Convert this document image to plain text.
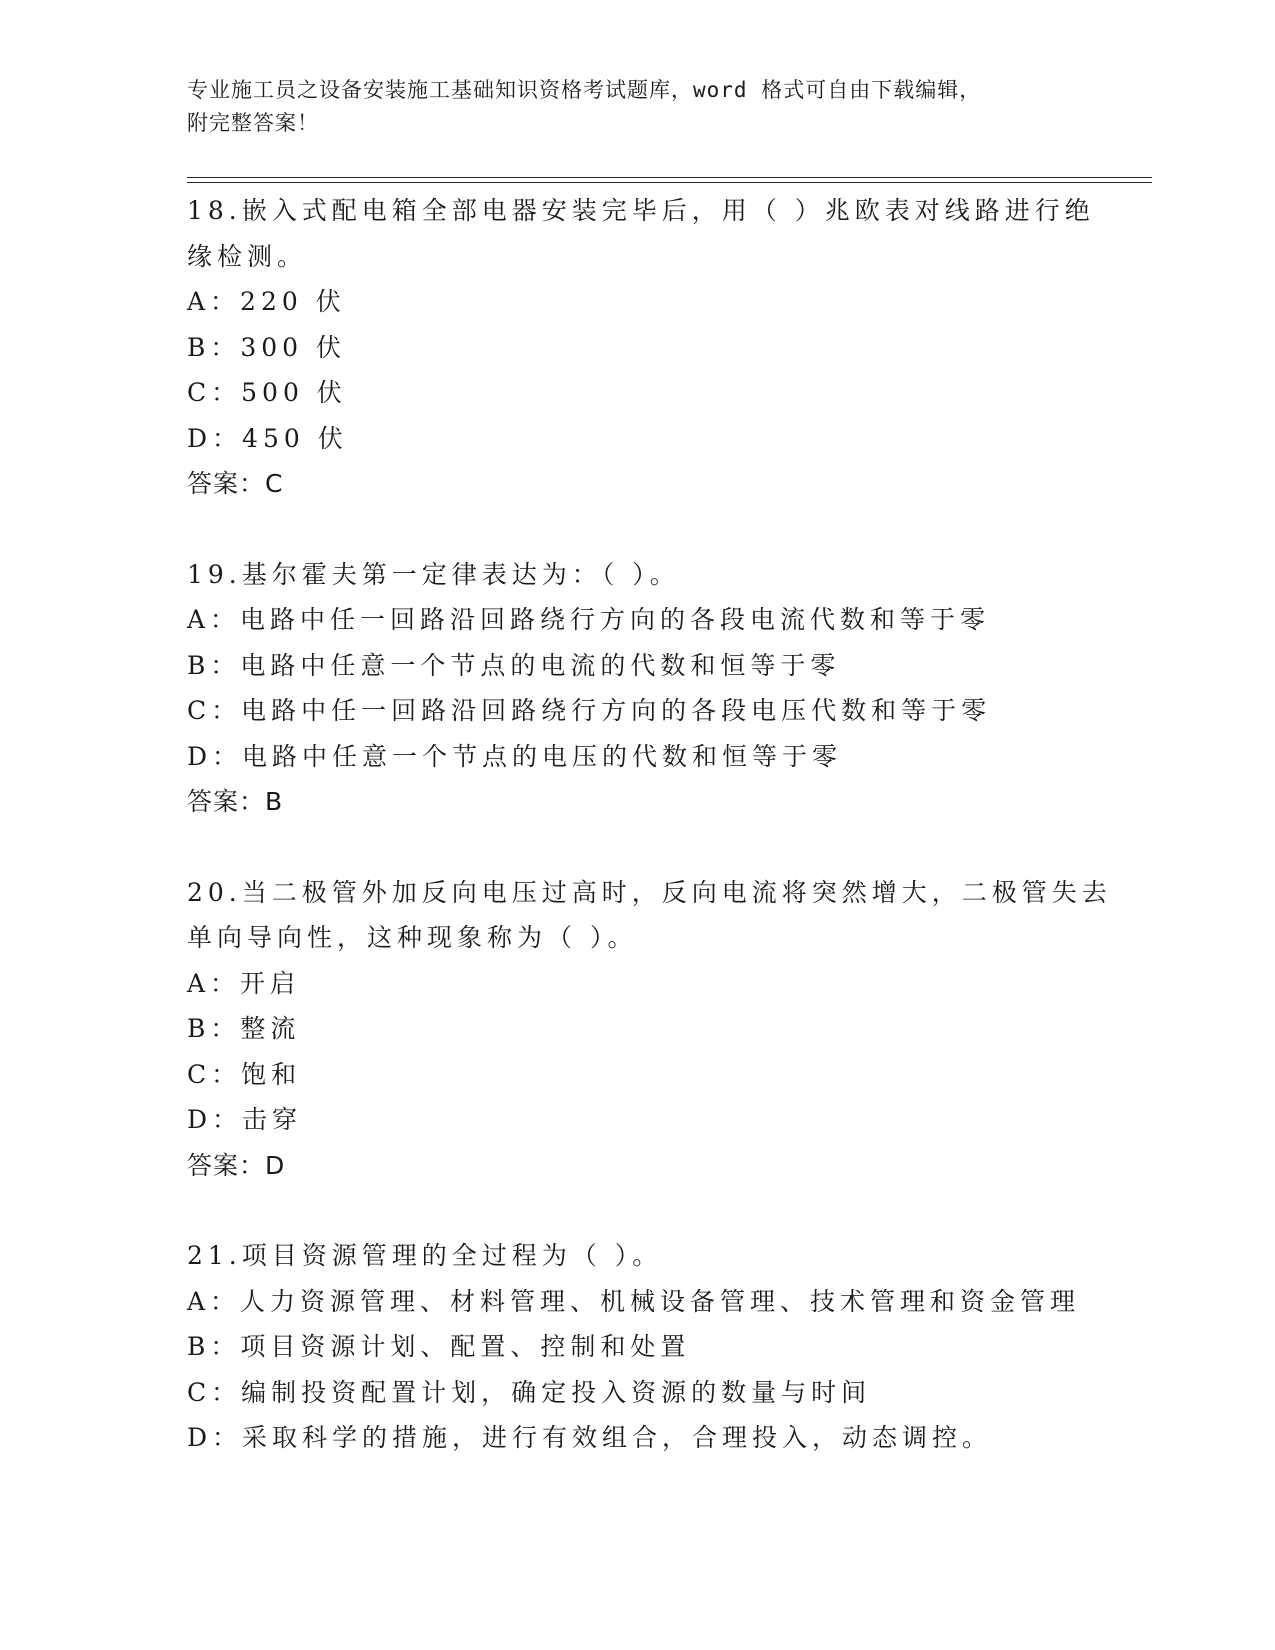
专业施工员之设备安装施工基础知识资格考试题库，word 格式可自由下载编辑，
附完整答案！
18.嵌入式配电箱全部电器安装完毕后，用（ ）兆欧表对线路进行绝
缘检测。
A：220 伏
B：300 伏
C：500 伏
D：450 伏
答案：C
19.基尔霍夫第一定律表达为：（ ）。
A：电路中任一回路沿回路绕行方向的各段电流代数和等于零
B：电路中任意一个节点的电流的代数和恒等于零
C：电路中任一回路沿回路绕行方向的各段电压代数和等于零
D：电路中任意一个节点的电压的代数和恒等于零
答案：B
20.当二极管外加反向电压过高时，反向电流将突然增大，二极管失去
单向导向性，这种现象称为（ ）。
A：开启
B：整流
C：饱和
D：击穿
答案：D
21.项目资源管理的全过程为（ ）。
A：人力资源管理、材料管理、机械设备管理、技术管理和资金管理
B：项目资源计划、配置、控制和处置
C：编制投资配置计划，确定投入资源的数量与时间
D：采取科学的措施，进行有效组合，合理投入，动态调控。
